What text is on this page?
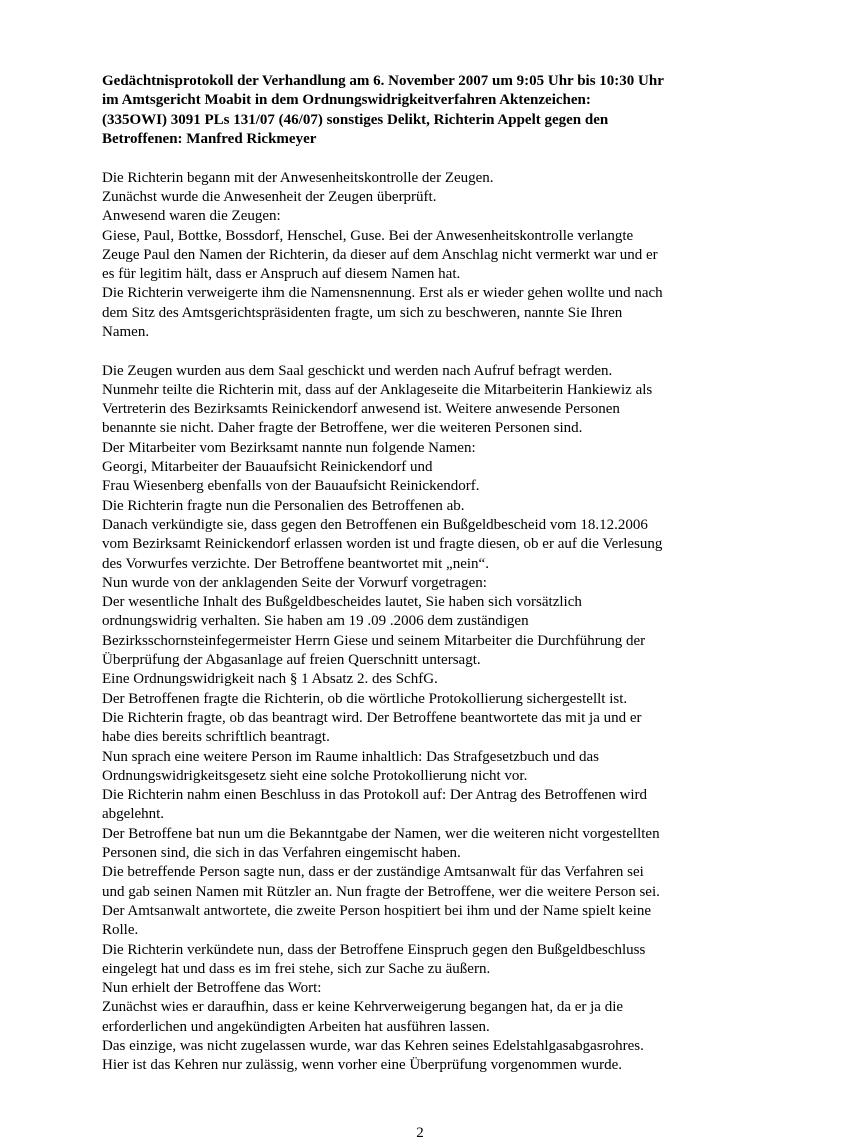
Gedächtnisprotokoll der Verhandlung am 6. November 2007 um 9:05 Uhr bis 10:30 Uhr
im Amtsgericht Moabit in dem Ordnungswidrigkeitverfahren Aktenzeichen:
(335OWI) 3091 PLs 131/07 (46/07) sonstiges Delikt, Richterin Appelt gegen den
Betroffenen: Manfred Rickmeyer
Die Richterin begann mit der Anwesenheitskontrolle der Zeugen.
Zunächst wurde die Anwesenheit der Zeugen überprüft.
Anwesend waren die Zeugen:
Giese, Paul, Bottke, Bossdorf, Henschel, Guse. Bei der Anwesenheitskontrolle verlangte
Zeuge Paul den Namen der Richterin, da dieser auf dem Anschlag nicht vermerkt war und er
es für legitim hält, dass er Anspruch auf diesem Namen hat.
Die Richterin verweigerte ihm die Namensnennung. Erst als er wieder gehen wollte und nach
dem Sitz des Amtsgerichtspräsidenten fragte, um sich zu beschweren, nannte Sie Ihren
Namen.
Die Zeugen wurden aus dem Saal geschickt und werden nach Aufruf befragt werden.
Nunmehr teilte die Richterin mit, dass auf der Anklageseite die Mitarbeiterin Hankiewiz als
Vertreterin des Bezirksamts Reinickendorf anwesend ist. Weitere anwesende Personen
benannte sie nicht. Daher fragte der Betroffene, wer die weiteren Personen sind.
Der Mitarbeiter vom Bezirksamt nannte nun folgende Namen:
Georgi, Mitarbeiter der Bauaufsicht Reinickendorf und
Frau Wiesenberg ebenfalls von der Bauaufsicht Reinickendorf.
Die Richterin fragte nun die Personalien des Betroffenen ab.
Danach verkündigte sie, dass gegen den Betroffenen ein Bußgeldbescheid vom 18.12.2006
vom Bezirksamt Reinickendorf erlassen worden ist und fragte diesen, ob er auf die Verlesung
des Vorwurfes verzichte. Der Betroffene beantwortet mit „nein“.
Nun wurde von der anklagenden Seite der Vorwurf vorgetragen:
Der wesentliche Inhalt des Bußgeldbescheides lautet, Sie haben sich vorsätzlich
ordnungswidrig verhalten. Sie haben am 19 .09 .2006 dem zuständigen
Bezirksschornsteinfegermeister Herrn Giese und seinem Mitarbeiter die Durchführung der
Überprüfung der Abgasanlage auf freien Querschnitt untersagt.
Eine Ordnungswidrigkeit nach § 1 Absatz 2. des SchfG.
Der Betroffenen fragte die Richterin, ob die wörtliche Protokollierung sichergestellt ist.
Die Richterin fragte, ob das beantragt wird. Der Betroffene beantwortete das mit ja und er
habe dies bereits schriftlich beantragt.
Nun sprach eine weitere Person im Raume inhaltlich: Das Strafgesetzbuch und das
Ordnungswidrigkeitsgesetz sieht eine solche Protokollierung nicht vor.
Die Richterin nahm einen Beschluss in das Protokoll auf: Der Antrag des Betroffenen wird
abgelehnt.
Der Betroffene bat nun um die Bekanntgabe der Namen, wer die weiteren nicht vorgestellten
Personen sind, die sich in das Verfahren eingemischt haben.
Die betreffende Person sagte nun, dass er der zuständige Amtsanwalt für das Verfahren sei
und gab seinen Namen mit Rützler an. Nun fragte der Betroffene, wer die weitere Person sei.
Der Amtsanwalt antwortete, die zweite Person hospitiert bei ihm und der Name spielt keine
Rolle.
Die Richterin verkündete nun, dass der Betroffene Einspruch gegen den Bußgeldbeschluss
eingelegt hat und dass es im frei stehe, sich zur Sache zu äußern.
Nun erhielt der Betroffene das Wort:
Zunächst wies er daraufhin, dass er keine Kehrverweigerung begangen hat, da er ja die
erforderlichen und angekündigten Arbeiten hat ausführen lassen.
Das einzige, was nicht zugelassen wurde, war das Kehren seines Edelstahlgasabgasrohres.
Hier ist das Kehren nur zulässig, wenn vorher eine Überprüfung vorgenommen wurde.
2
